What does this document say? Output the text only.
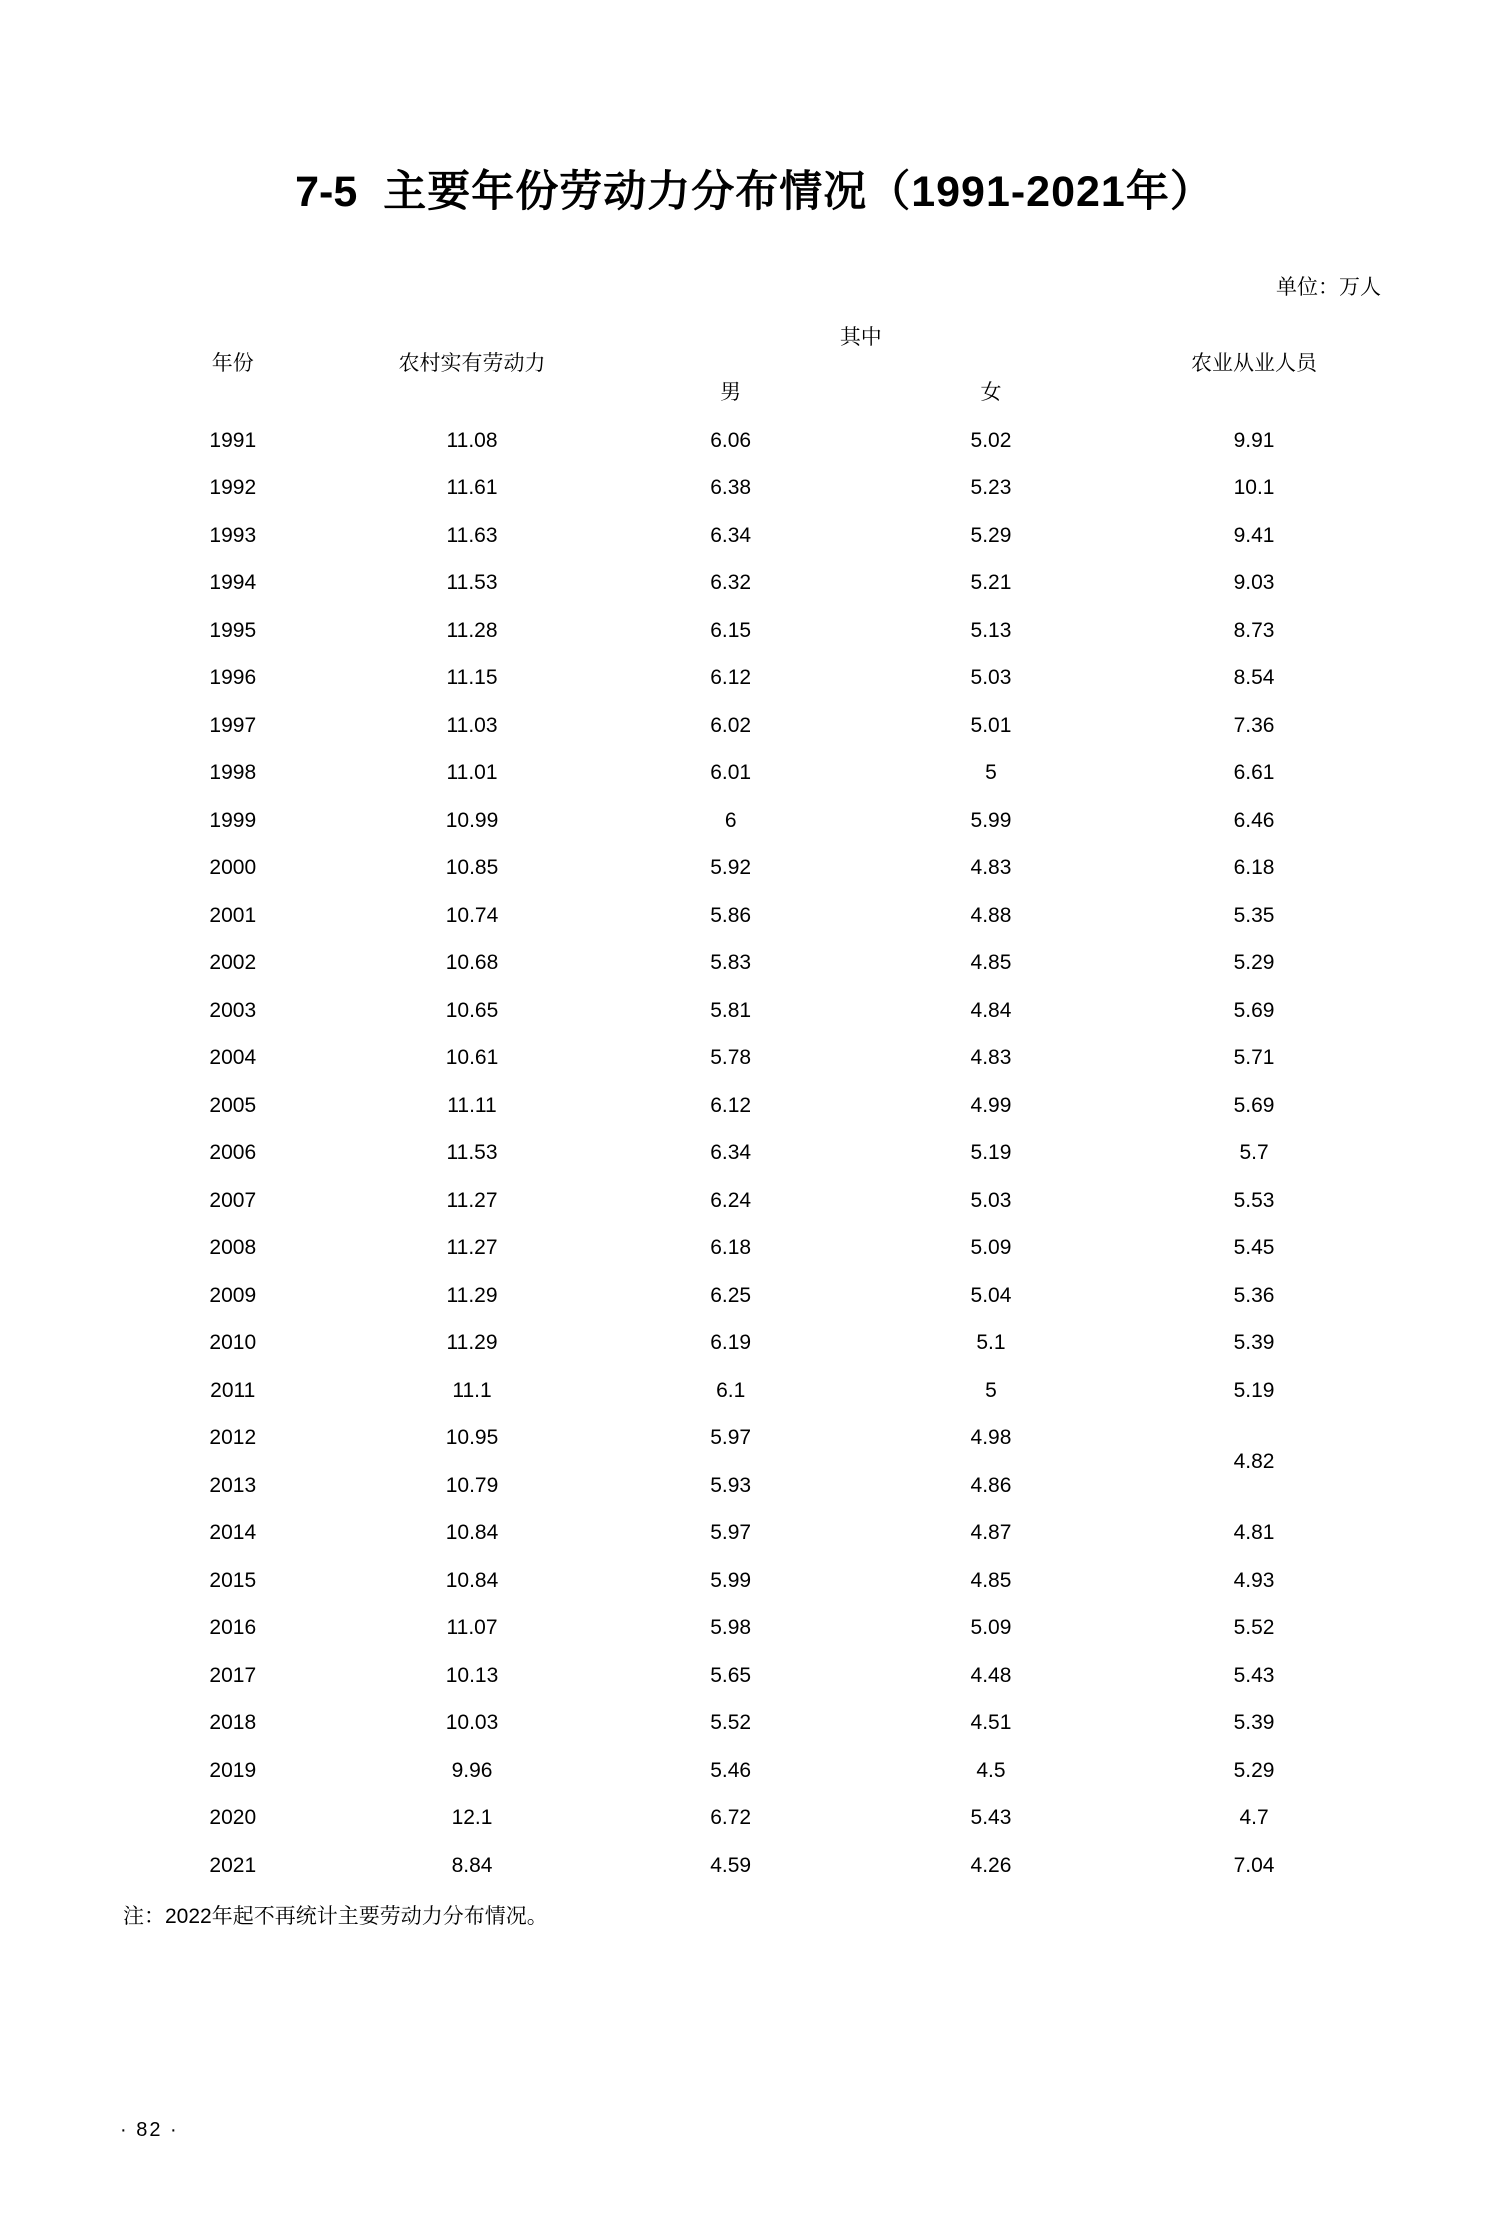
7-5 主要年份劳动力分布情况（1991-2021年）
单位：万人
年份	农村实有劳动力	其中		农业从业人员
		男	女	

1991	11.08	6.06	5.02	9.91
1992	11.61	6.38	5.23	10.1
1993	11.63	6.34	5.29	9.41
1994	11.53	6.32	5.21	9.03
1995	11.28	6.15	5.13	8.73
1996	11.15	6.12	5.03	8.54
1997	11.03	6.02	5.01	7.36
1998	11.01	6.01	5	6.61
1999	10.99	6	5.99	6.46
2000	10.85	5.92	4.83	6.18
2001	10.74	5.86	4.88	5.35
2002	10.68	5.83	4.85	5.29
2003	10.65	5.81	4.84	5.69
2004	10.61	5.78	4.83	5.71
2005	11.11	6.12	4.99	5.69
2006	11.53	6.34	5.19	5.7
2007	11.27	6.24	5.03	5.53
2008	11.27	6.18	5.09	5.45
2009	11.29	6.25	5.04	5.36
2010	11.29	6.19	5.1	5.39
2011	11.1	6.1	5	5.19
2012	10.95	5.97	4.98	4.82
2013	10.79	5.93	4.86	
2014	10.84	5.97	4.87	4.81
2015	10.84	5.99	4.85	4.93
2016	11.07	5.98	5.09	5.52
2017	10.13	5.65	4.48	5.43
2018	10.03	5.52	4.51	5.39
2019	9.96	5.46	4.5	5.29
2020	12.1	6.72	5.43	4.7
2021	8.84	4.59	4.26	7.04
注：2022年起不再统计主要劳动力分布情况。
· 82 ·
